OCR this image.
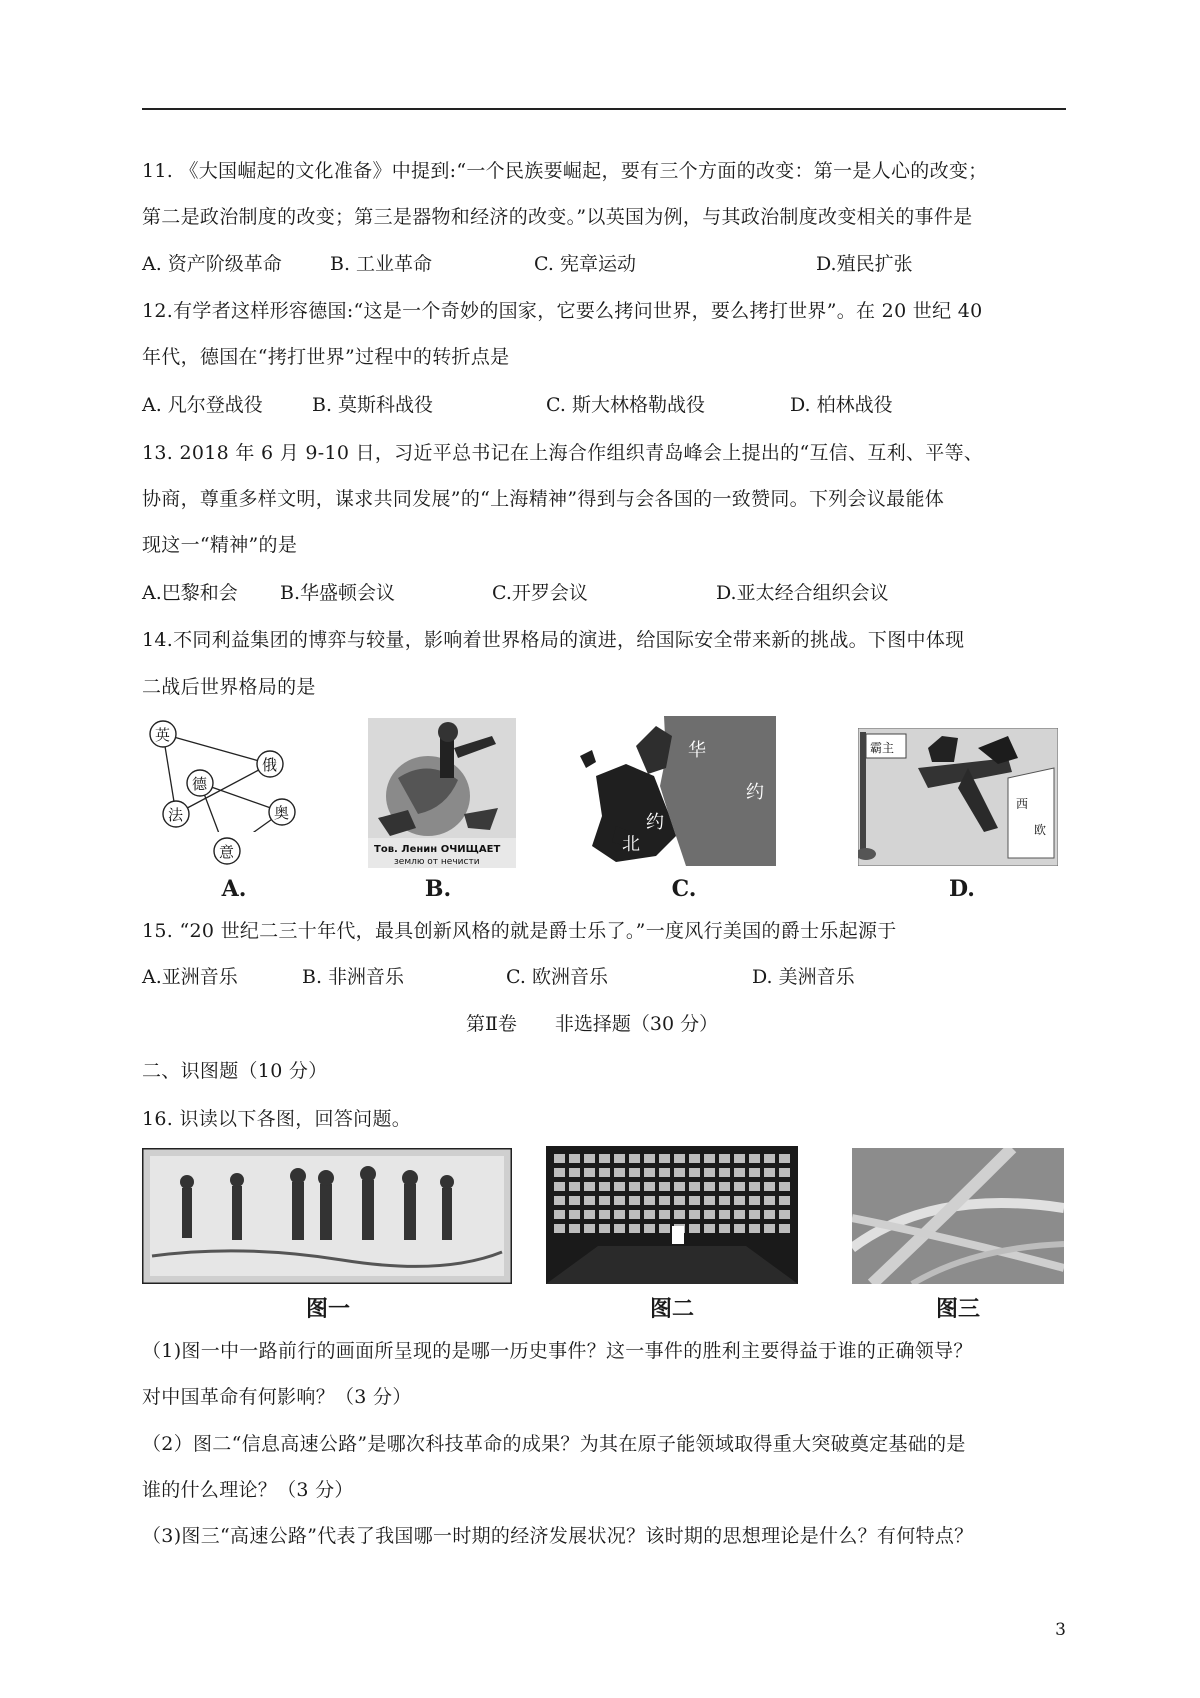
11. 《大国崛起的文化准备》中提到:“一个民族要崛起，要有三个方面的改变：第一是人心的改变；
第二是政治制度的改变；第三是器物和经济的改变。”以英国为例，与其政治制度改变相关的事件是
A. 资产阶级革命	B. 工业革命	C. 宪章运动	D.殖民扩张
12.有学者这样形容德国:“这是一个奇妙的国家，它要么拷问世界，要么拷打世界”。在 20 世纪 40
年代，德国在“拷打世界”过程中的转折点是
A. 凡尔登战役	B. 莫斯科战役	C. 斯大林格勒战役	D. 柏林战役
13. 2018 年 6 月 9-10 日，习近平总书记在上海合作组织青岛峰会上提出的“互信、互利、平等、
协商，尊重多样文明，谋求共同发展”的“上海精神”得到与会各国的一致赞同。下列会议最能体
现这一“精神”的是
A.巴黎和会 B.华盛顿会议	C.开罗会议	D.亚太经合组织会议
14.不同利益集团的博弈与较量，影响着世界格局的演进，给国际安全带来新的挑战。下图中体现
二战后世界格局的是
英
俄
德
法	奥
意	Тов. Ленин ОЧИЩАЕТ
землю от нечисти
华
约
约
北
霸主
西
欧
A.	B.	C.	D.
15. “20 世纪二三十年代，最具创新风格的就是爵士乐了。”一度风行美国的爵士乐起源于
A.亚洲音乐	B. 非洲音乐	C. 欧洲音乐	D. 美洲音乐
第Ⅱ卷　　非选择题（30 分）
二、识图题（10 分）
16. 识读以下各图，回答问题。
图一	图二	图三
（1)图一中一路前行的画面所呈现的是哪一历史事件？这一事件的胜利主要得益于谁的正确领导？
对中国革命有何影响？（3 分）
（2）图二“信息高速公路”是哪次科技革命的成果？为其在原子能领域取得重大突破奠定基础的是
谁的什么理论？（3 分）
（3)图三“高速公路”代表了我国哪一时期的经济发展状况？该时期的思想理论是什么？有何特点？
3
